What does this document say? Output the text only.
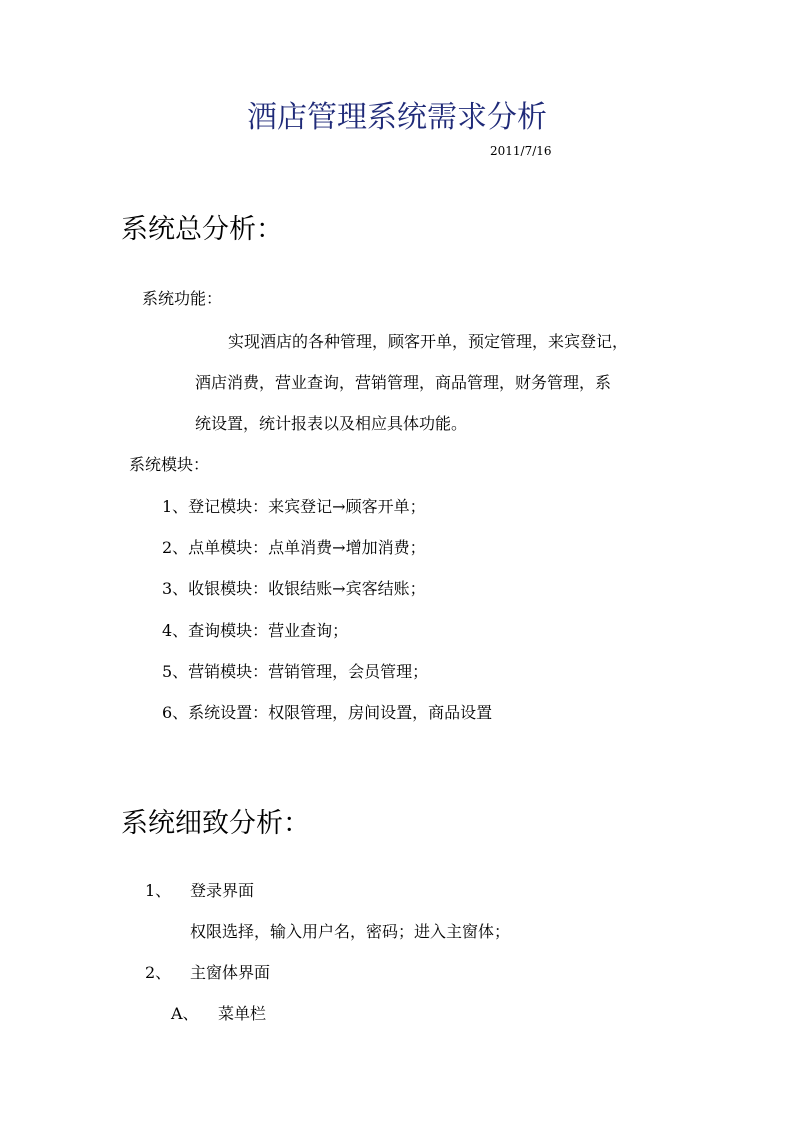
酒店管理系统需求分析
2011/7/16
系统总分析：
系统功能：
实现酒店的各种管理，顾客开单，预定管理，来宾登记，
酒店消费，营业查询，营销管理，商品管理，财务管理，系
统设置，统计报表以及相应具体功能。
系统模块：
1、登记模块：来宾登记→顾客开单；
2、点单模块：点单消费→增加消费；
3、收银模块：收银结账→宾客结账；
4、查询模块：营业查询；
5、营销模块：营销管理，会员管理；
6、系统设置：权限管理，房间设置，商品设置
系统细致分析：
1、 登录界面
权限选择，输入用户名，密码；进入主窗体；
2、 主窗体界面
A、 菜单栏
